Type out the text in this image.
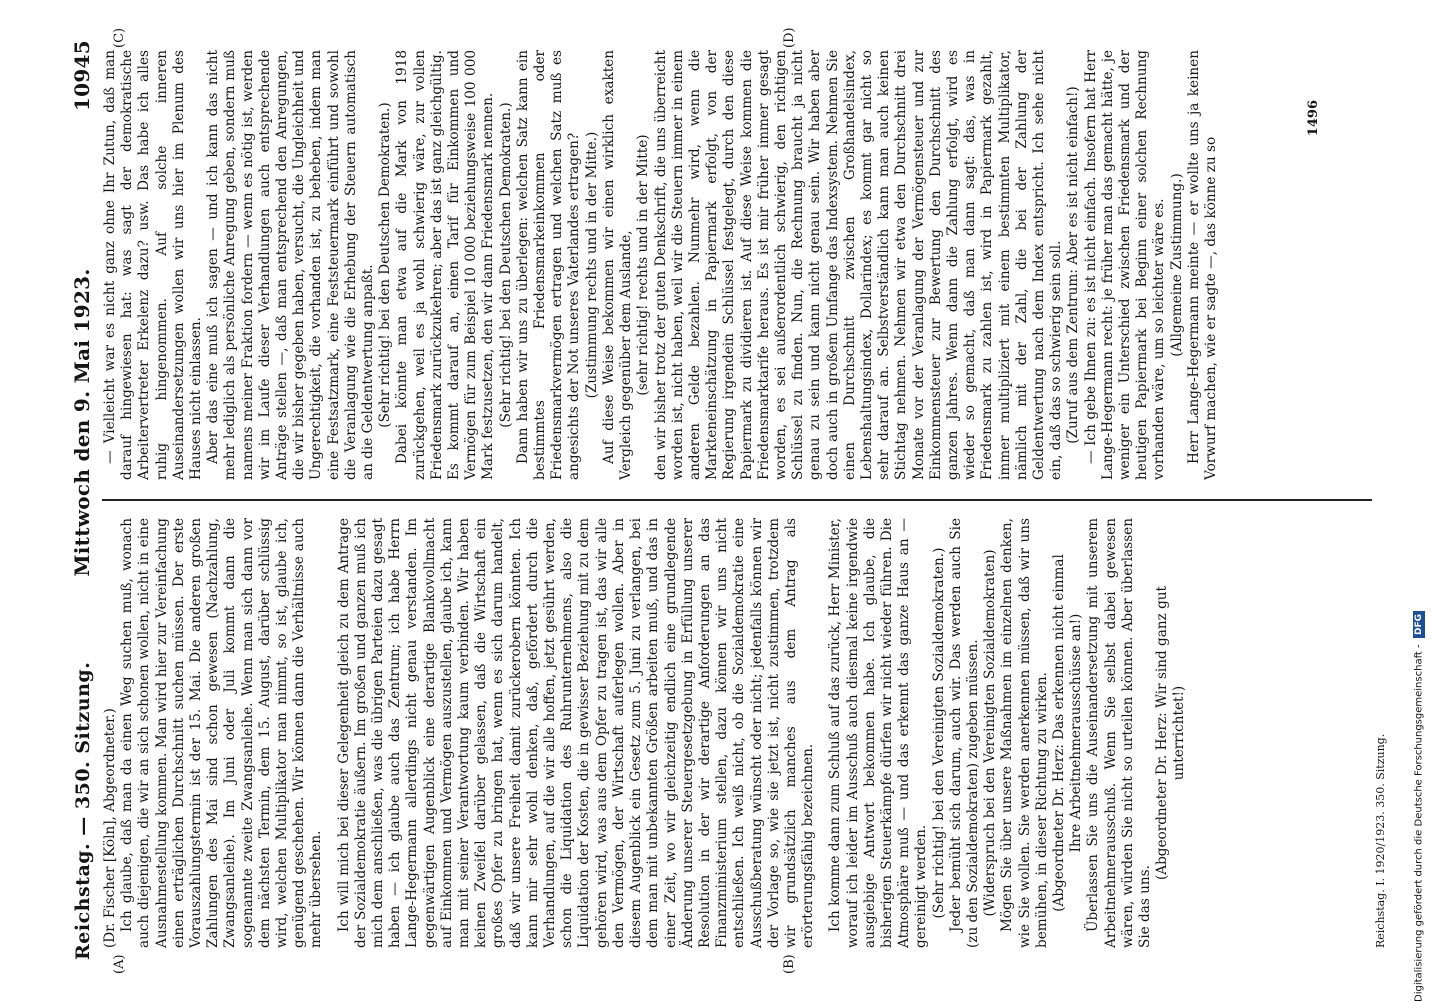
Reichstag. — 350. Sitzung.
Mittwoch den 9. Mai 1923. 10945
(A)	(B)
(C)	(D)

(Dr. Fischer [Köln], Abgeordneter.) Ich glaube, daß man da einen Weg suchen muß, wonach auch diejenigen, die wir an sich schonen wollen, nicht in eine Ausnahmestellung kommen. Man wird hier zur Vereinfachung einen erträglichen Durchschnitt suchen müssen. Der erste Vorauszahlungstermin ist der 15. Mai. Die anderen großen Zahlungen des Mai sind schon gewesen (Nachzahlung, Zwangsanleihe). Im Juni oder Juli kommt dann die sogenannte zweite Zwangsanleihe. Wenn man sich dann vor dem nächsten Termin, dem 15. August, darüber schlüssig wird, welchen Multiplikator man nimmt, so ist, glaube ich, genügend geschehen. Wir können dann die Verhältnisse auch mehr übersehen. Ich will mich bei dieser Gelegenheit gleich zu dem Antrage der Sozialdemokratie äußern. Im großen und ganzen muß ich mich dem anschließen, was die übrigen Parteien dazu gesagt haben — ich glaube auch das Zentrum; ich habe Herrn Lange-Hegermann allerdings nicht genau verstanden. Im gegenwärtigen Augenblick eine derartige Blankovollmacht auf Einkommen und Vermögen auszustellen, glaube ich, kann man mit seiner Verantwortung kaum verbinden. Wir haben keinen Zweifel darüber gelassen, daß die Wirtschaft ein großes Opfer zu bringen hat, wenn es sich darum handelt, daß wir unsere Freiheit damit zurückerobern könnten. Ich kann mir sehr wohl denken, daß, gefördert durch die Verhandlungen, auf die wir alle hoffen, jetzt gesührt werden, schon die Liquidation des Ruhrunternehmens, also die Liquidation der Kosten, die in gewisser Beziehung mit zu dem gehören wird, was aus dem Opfer zu tragen ist, das wir alle den Vermögen, der Wirtschaft auferlegen wollen. Aber in diesem Augenblick ein Gesetz zum 5. Juni zu verlangen, bei dem man mit unbekannten Größen arbeiten muß, und das in einer Zeit, wo wir gleichzeitig endlich eine grundlegende Änderung unserer Steuergesetzgebung in Erfüllung unserer Resolution in der wir derartige Anforderungen an das Finanzministerium stellen, dazu können wir uns nicht entschließen. Ich weiß nicht, ob die Sozialdemokratie eine Ausschußberatung wünscht oder nicht; jedenfalls können wir der Vorlage so, wie sie jetzt ist, nicht zustimmen, trotzdem wir grundsätzlich manches aus dem Antrag als erörterungsfähig bezeichnen. Ich komme dann zum Schluß auf das zurück, Herr Minister, worauf ich leider im Ausschuß auch diesmal keine irgendwie ausgiebige Antwort bekommen habe. Ich glaube, die bisherigen Steuerkämpfe dürfen wir nicht wieder führen. Die Atmosphäre muß — und das erkennt das ganze Haus an — gereinigt werden. (Sehr richtig! bei den Vereinigten Sozialdemokraten.) Jeder bemüht sich darum, auch wir. Das werden auch Sie (zu den Sozialdemokraten) zugeben müssen. (Widerspruch bei den Vereinigten Sozialdemokraten) Mögen Sie über unsere Maßnahmen im einzelnen denken, wie Sie wollen. Sie werden anerkennen müssen, daß wir uns bemühen, in dieser Richtung zu wirken. (Abgeordneter Dr. Herz: Das erkennen nicht einmal Ihre Arbeitnehmerausschüsse an!) Überlassen Sie uns die Auseinandersetzung mit unserem Arbeitnehmerausschuß. Wenn Sie selbst dabei gewesen wären, würden Sie nicht so urteilen können. Aber überlassen Sie das uns.

(Abgeordneter Dr. Herz: Wir sind ganz gut unterrichtet!)

— Vielleicht war es nicht ganz ohne Ihr Zutun, daß man darauf hingewiesen hat: was sagt der demokratische Arbeitervertreter Erkelenz dazu? usw. Das habe ich alles ruhig hingenommen. Auf solche inneren Auseinandersetzungen wollen wir uns hier im Plenum des Hauses nicht einlassen. Aber das eine muß ich sagen — und ich kann das nicht mehr lediglich als persönliche Anregung geben, sondern muß namens meiner Fraktion fordern — wenn es nötig ist, werden wir im Laufe dieser Verhandlungen auch entsprechende Anträge stellen —, daß man entsprechend den Anregungen, die wir bisher gegeben haben, versucht, die Ungleichheit und Ungerechtigkeit, die vorhanden ist, zu beheben, indem man eine Festsatzmark, eine Feststeuermark einführt und sowohl die Veranlagung wie die Erhebung der Steuern automatisch an die Geldentwertung anpaßt. (Sehr richtig! bei den Deutschen Demokraten.) Dabei könnte man etwa auf die Mark von 1918 zurückgehen, weil es ja wohl schwierig wäre, zur vollen Friedensmark zurückzukehren; aber das ist ganz gleichgültig. Es kommt darauf an, einen Tarif für Einkommen und Vermögen für zum Beispiel 10 000 beziehungsweise 100 000 Mark festzusetzen, den wir dann Friedensmark nennen. (Sehr richtig! bei den Deutschen Demokraten.) Dann haben wir uns zu überlegen: welchen Satz kann ein bestimmtes Friedensmarkeinkommen oder Friedensmarkvermögen ertragen und welchen Satz muß es angesichts der Not unseres Vaterlandes ertragen? (Zustimmung rechts und in der Mitte.) Auf diese Weise bekommen wir einen wirklich exakten Vergleich gegenüber dem Auslande, (sehr richtig! rechts und in der Mitte) den wir bisher trotz der guten Denkschrift, die uns überreicht worden ist, nicht haben, weil wir die Steuern immer in einem anderen Gelde bezahlen. Nunmehr wird, wenn die Markteneinschätzung in Papiermark erfolgt, von der Regierung irgendein Schlüssel festgelegt, durch den diese Papiermark zu dividieren ist. Auf diese Weise kommen die Friedensmarktarife heraus. Es ist mir früher immer gesagt worden, es sei außerordentlich schwierig, den richtigen Schlüssel zu finden. Nun, die Rechnung braucht ja nicht genau zu sein und kann nicht genau sein. Wir haben aber doch auch in großem Umfange das Indexsystem. Nehmen Sie einen Durchschnitt zwischen Großhandelsindex, Lebenshaltungsindex, Dollarindex; es kommt gar nicht so sehr darauf an. Selbstverständlich kann man auch keinen Stichtag nehmen. Nehmen wir etwa den Durchschnitt drei Monate vor der Veranlagung der Vermögensteuer und zur Einkommensteuer zur Bewertung den Durchschnitt des ganzen Jahres. Wenn dann die Zahlung erfolgt, wird es wieder so gemacht, daß man dann sagt: das, was in Friedensmark zu zahlen ist, wird in Papiermark gezahlt, immer multipliziert mit einem bestimmten Multiplikator, nämlich mit der Zahl, die bei der Zahlung der Geldentwertung nach dem Index entspricht. Ich sehe nicht ein, daß das so schwierig sein soll. (Zuruf aus dem Zentrum: Aber es ist nicht einfach!) — Ich gebe Ihnen zu: es ist nicht einfach. Insofern hat Herr Lange-Hegermann recht: je früher man das gemacht hätte, je weniger ein Unterschied zwischen Friedensmark und der heutigen Papiermark bei Beginn einer solchen Rechnung vorhanden wäre, um so leichter wäre es. (Allgemeine Zustimmung.) Herr Lange-Hegermann meinte — er wollte uns ja keinen Vorwurf machen, wie er sagte —, das könne zu so

1496
Reichstag. I. 1920/1923. 350. Sitzung.	Digitalisierung gefördert durch die Deutsche Forschungsgemeinschaft -
DFG
